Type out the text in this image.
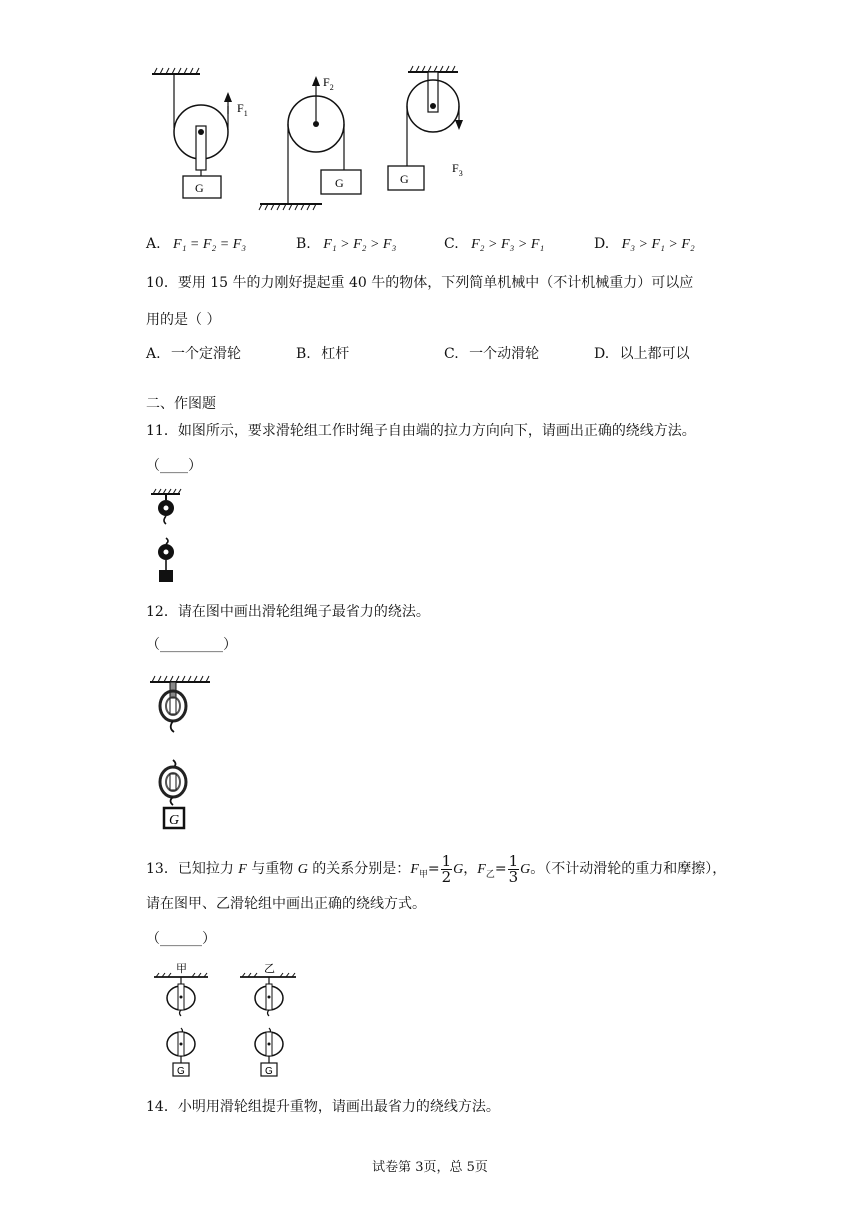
G
$F_1$
G
$F_2$
G
$F_3$
A. F₁ = F₂ = F₃	B. F₁ > F₂ > F₃	C. F₂ > F₃ > F₁	D. F₃ > F₁ > F₂
10．要用 15 牛的力刚好提起重 40 牛的物体，下列简单机械中（不计机械重力）可以应
用的是（ ）
A. 一个定滑轮	B. 杠杆	C. 一个动滑轮	D. 以上都可以
二、作图题
11．如图所示，要求滑轮组工作时绳子自由端的拉力方向向下，请画出正确的绕线方法。
（____）
12．请在图中画出滑轮组绳子最省力的绕法。
（_________）
G
13．已知拉力 F 与重物 G 的关系分别是：$F_甲= \frac{1}{2}$ G，$F_乙= \frac{1}{3}$ G。（不计动滑轮的重力和摩擦），
请在图甲、乙滑轮组中画出正确的绕线方式。
（______）
甲
G
乙
G
14．小明用滑轮组提升重物，请画出最省力的绕线方法。
试卷第 3页，总 5页
